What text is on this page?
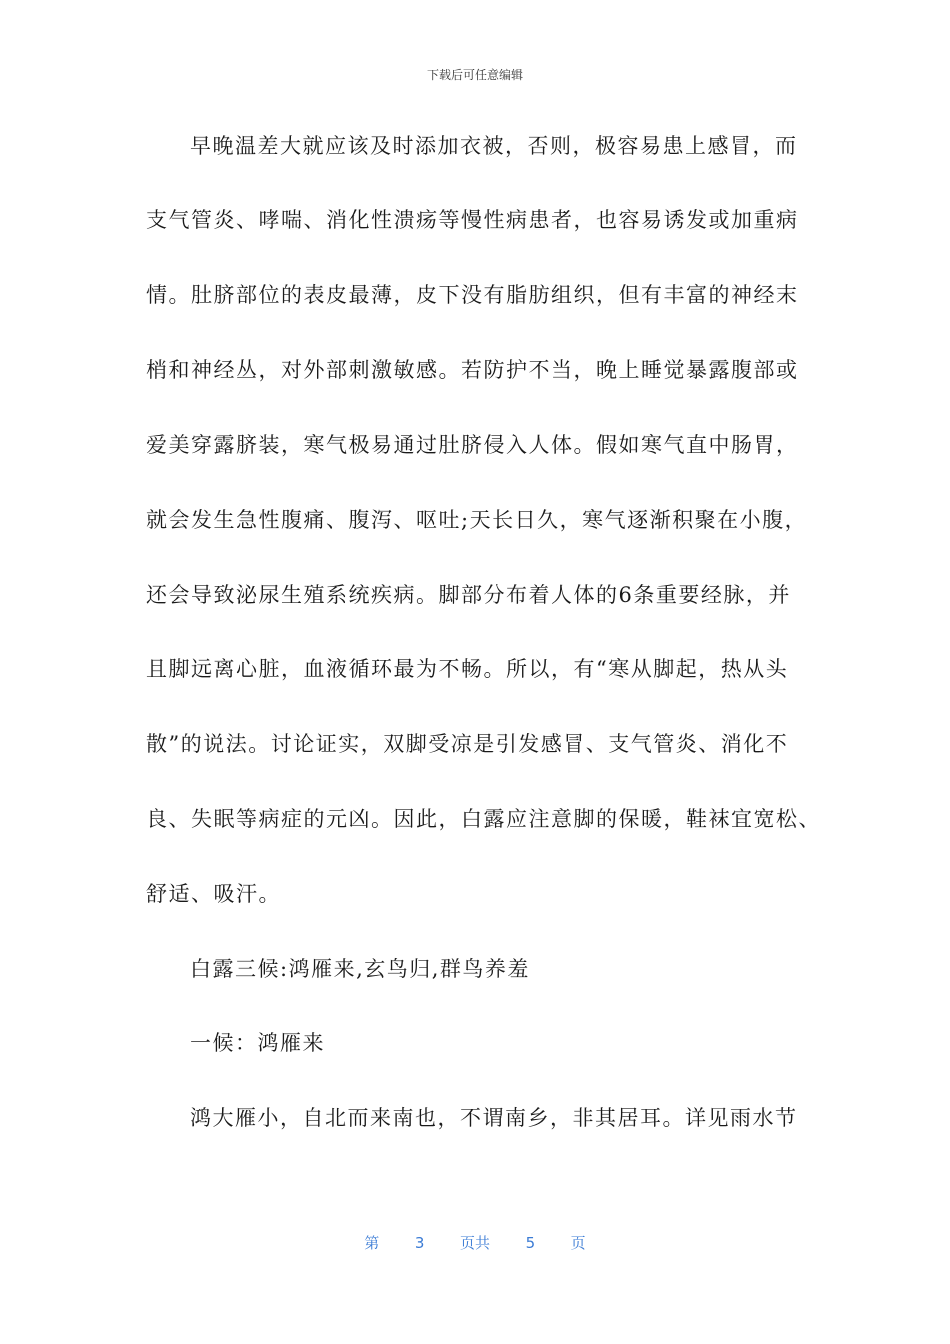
下载后可任意编辑
早晚温差大就应该及时添加衣被，否则，极容易患上感冒，而
支气管炎、哮喘、消化性溃疡等慢性病患者，也容易诱发或加重病
情。肚脐部位的表皮最薄，皮下没有脂肪组织，但有丰富的神经末
梢和神经丛，对外部刺激敏感。若防护不当，晚上睡觉暴露腹部或
爱美穿露脐装，寒气极易通过肚脐侵入人体。假如寒气直中肠胃，
就会发生急性腹痛、腹泻、呕吐;天长日久，寒气逐渐积聚在小腹，
还会导致泌尿生殖系统疾病。脚部分布着人体的6条重要经脉，并
且脚远离心脏，血液循环最为不畅。所以，有“寒从脚起，热从头
散”的说法。讨论证实，双脚受凉是引发感冒、支气管炎、消化不
良、失眠等病症的元凶。因此，白露应注意脚的保暖，鞋袜宜宽松、
舒适、吸汗。
白露三候:鸿雁来,玄鸟归,群鸟养羞
一候：鸿雁来
鸿大雁小，自北而来南也，不谓南乡，非其居耳。详见雨水节
第 3 页共 5 页
